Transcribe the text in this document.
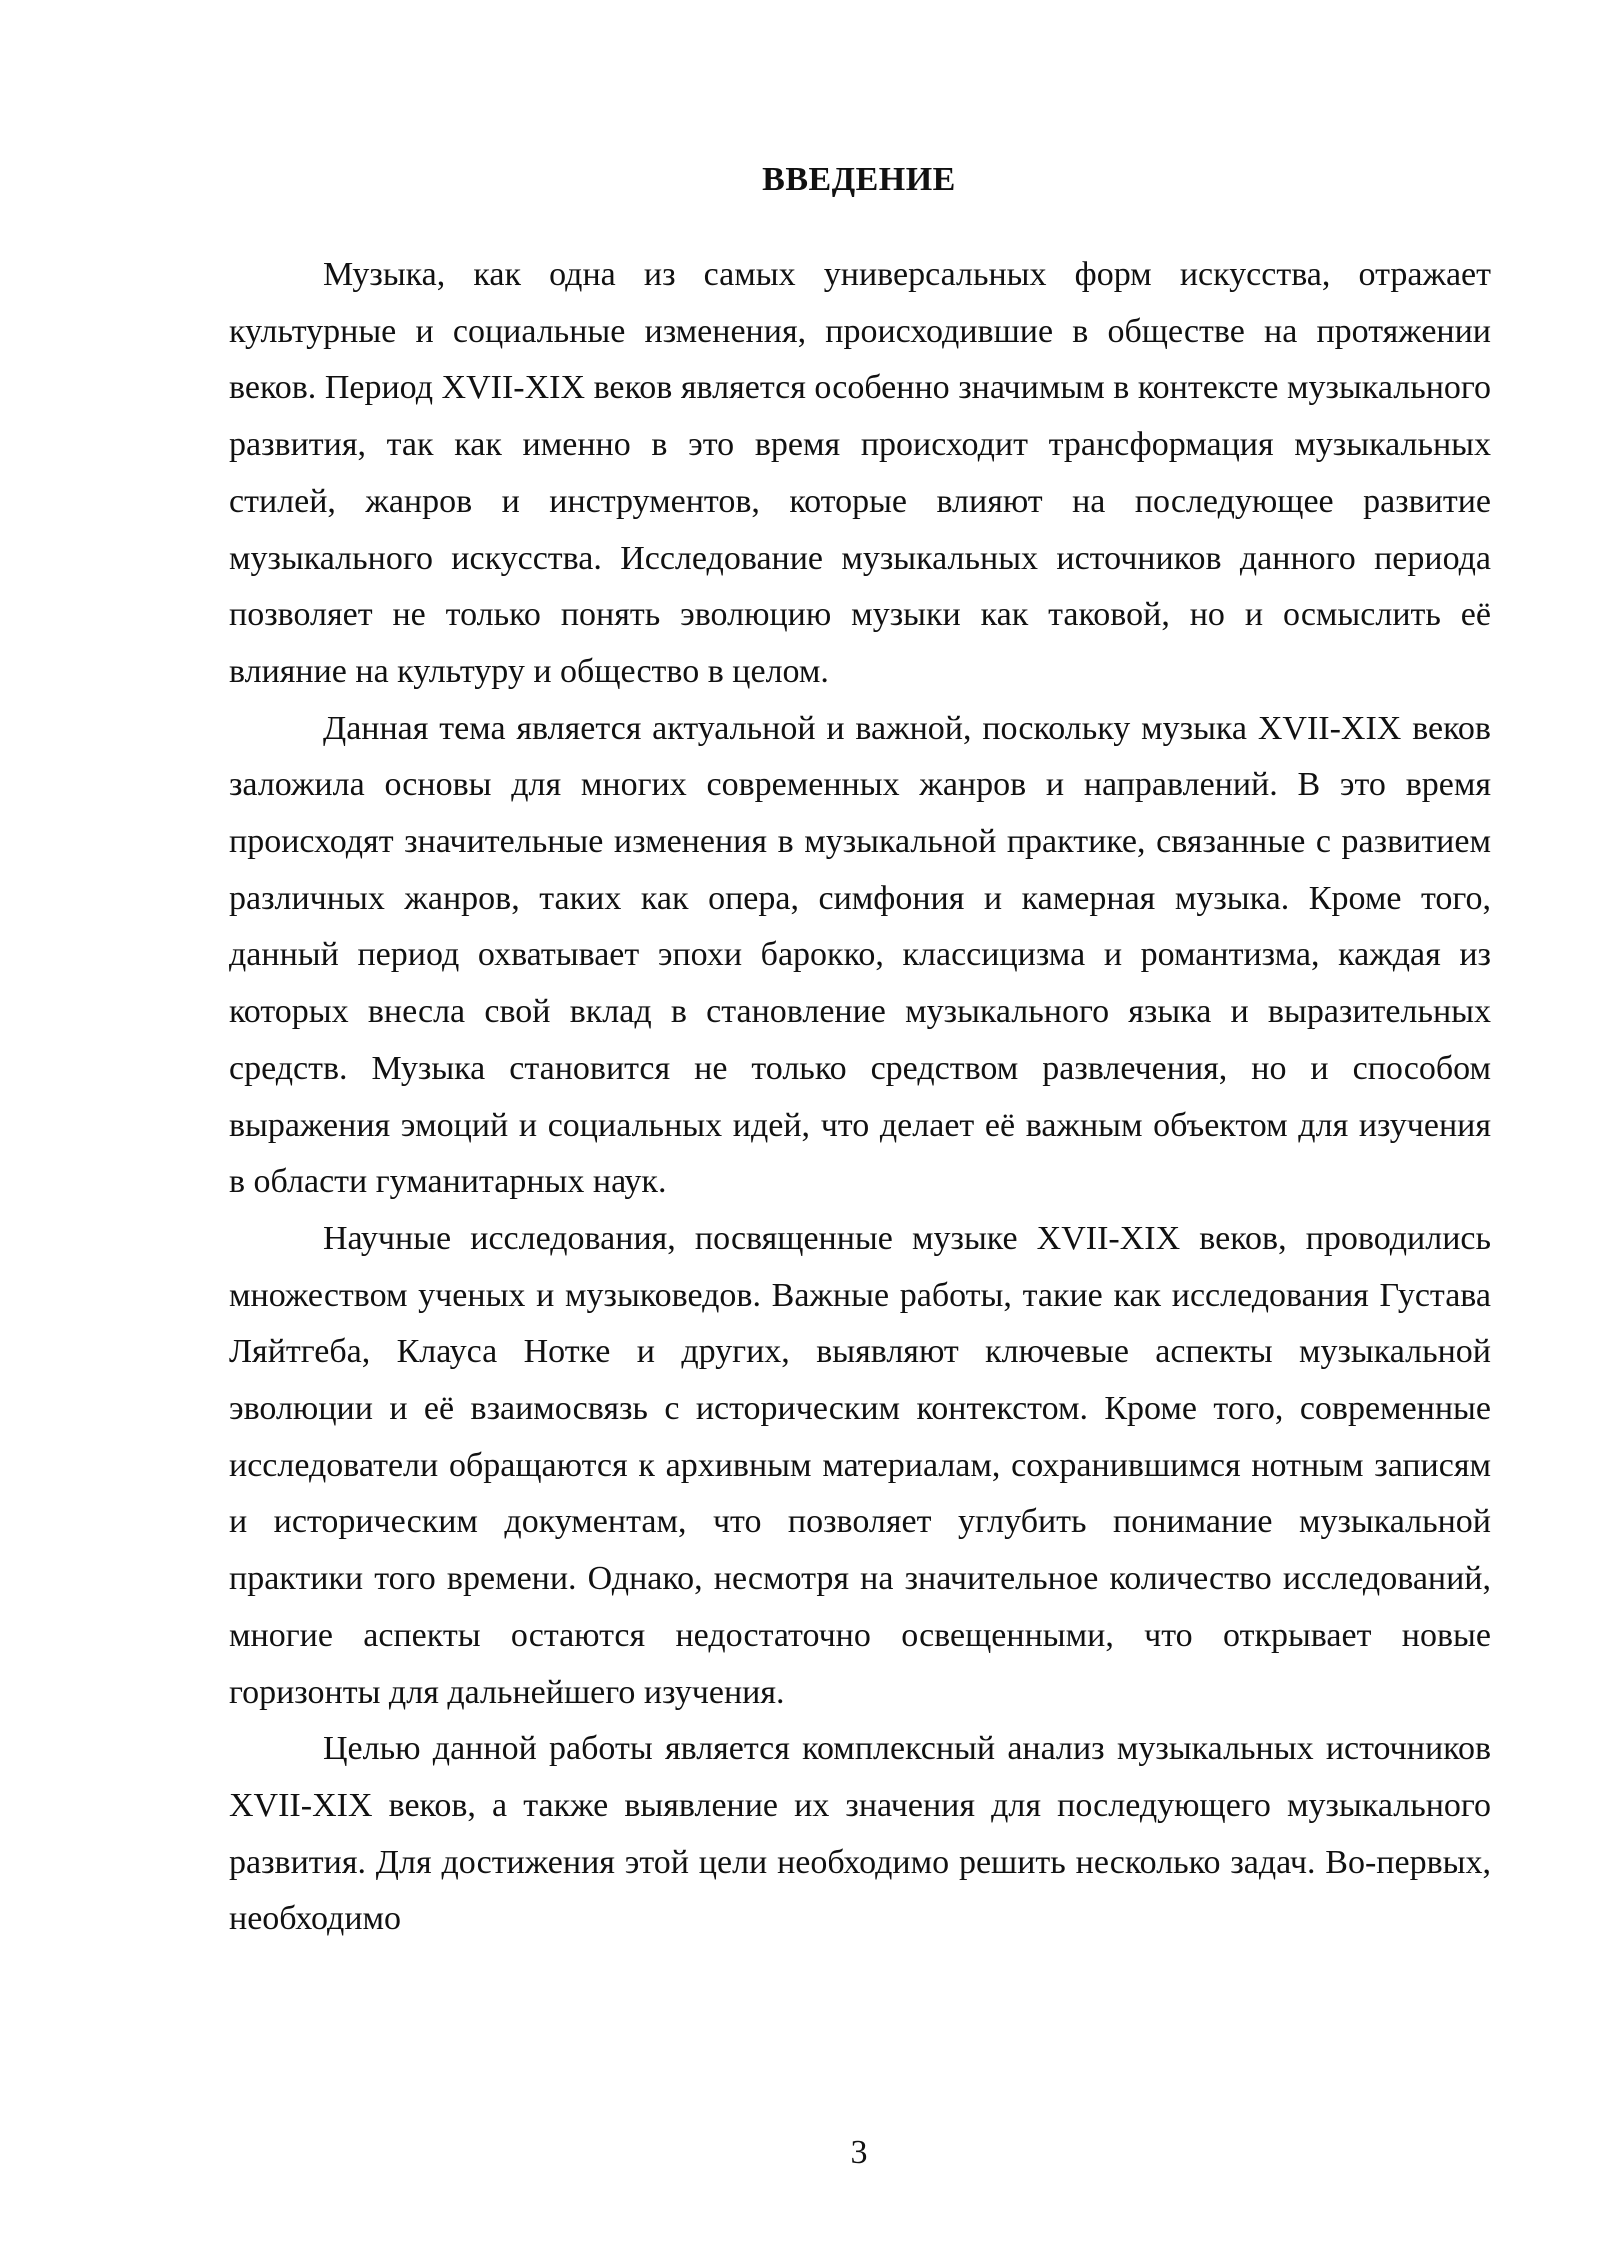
ВВЕДЕНИЕ

Музыка, как одна из самых универсальных форм искусства, отражает культурные и социальные изменения, происходившие в обществе на протяжении веков. Период XVII-XIX веков является особенно значимым в контексте музыкального развития, так как именно в это время происходит трансформация музыкальных стилей, жанров и инструментов, которые влияют на последующее развитие музыкального искусства. Исследование музыкальных источников данного периода позволяет не только понять эволюцию музыки как таковой, но и осмыслить её влияние на культуру и общество в целом.

Данная тема является актуальной и важной, поскольку музыка XVII-XIX веков заложила основы для многих современных жанров и направлений. В это время происходят значительные изменения в музыкальной практике, связанные с развитием различных жанров, таких как опера, симфония и камерная музыка. Кроме того, данный период охватывает эпохи барокко, классицизма и романтизма, каждая из которых внесла свой вклад в становление музыкального языка и выразительных средств. Музыка становится не только средством развлечения, но и способом выражения эмоций и социальных идей, что делает её важным объектом для изучения в области гуманитарных наук.

Научные исследования, посвященные музыке XVII-XIX веков, проводились множеством ученых и музыковедов. Важные работы, такие как исследования Густава Ляйтгеба, Клауса Нотке и других, выявляют ключевые аспекты музыкальной эволюции и её взаимосвязь с историческим контекстом. Кроме того, современные исследователи обращаются к архивным материалам, сохранившимся нотным записям и историческим документам, что позволяет углубить понимание музыкальной практики того времени. Однако, несмотря на значительное количество исследований, многие аспекты остаются недостаточно освещенными, что открывает новые горизонты для дальнейшего изучения.

Целью данной работы является комплексный анализ музыкальных источников XVII-XIX веков, а также выявление их значения для последующего музыкального развития. Для достижения этой цели необходимо решить несколько задач. Во-первых, необходимо

3
